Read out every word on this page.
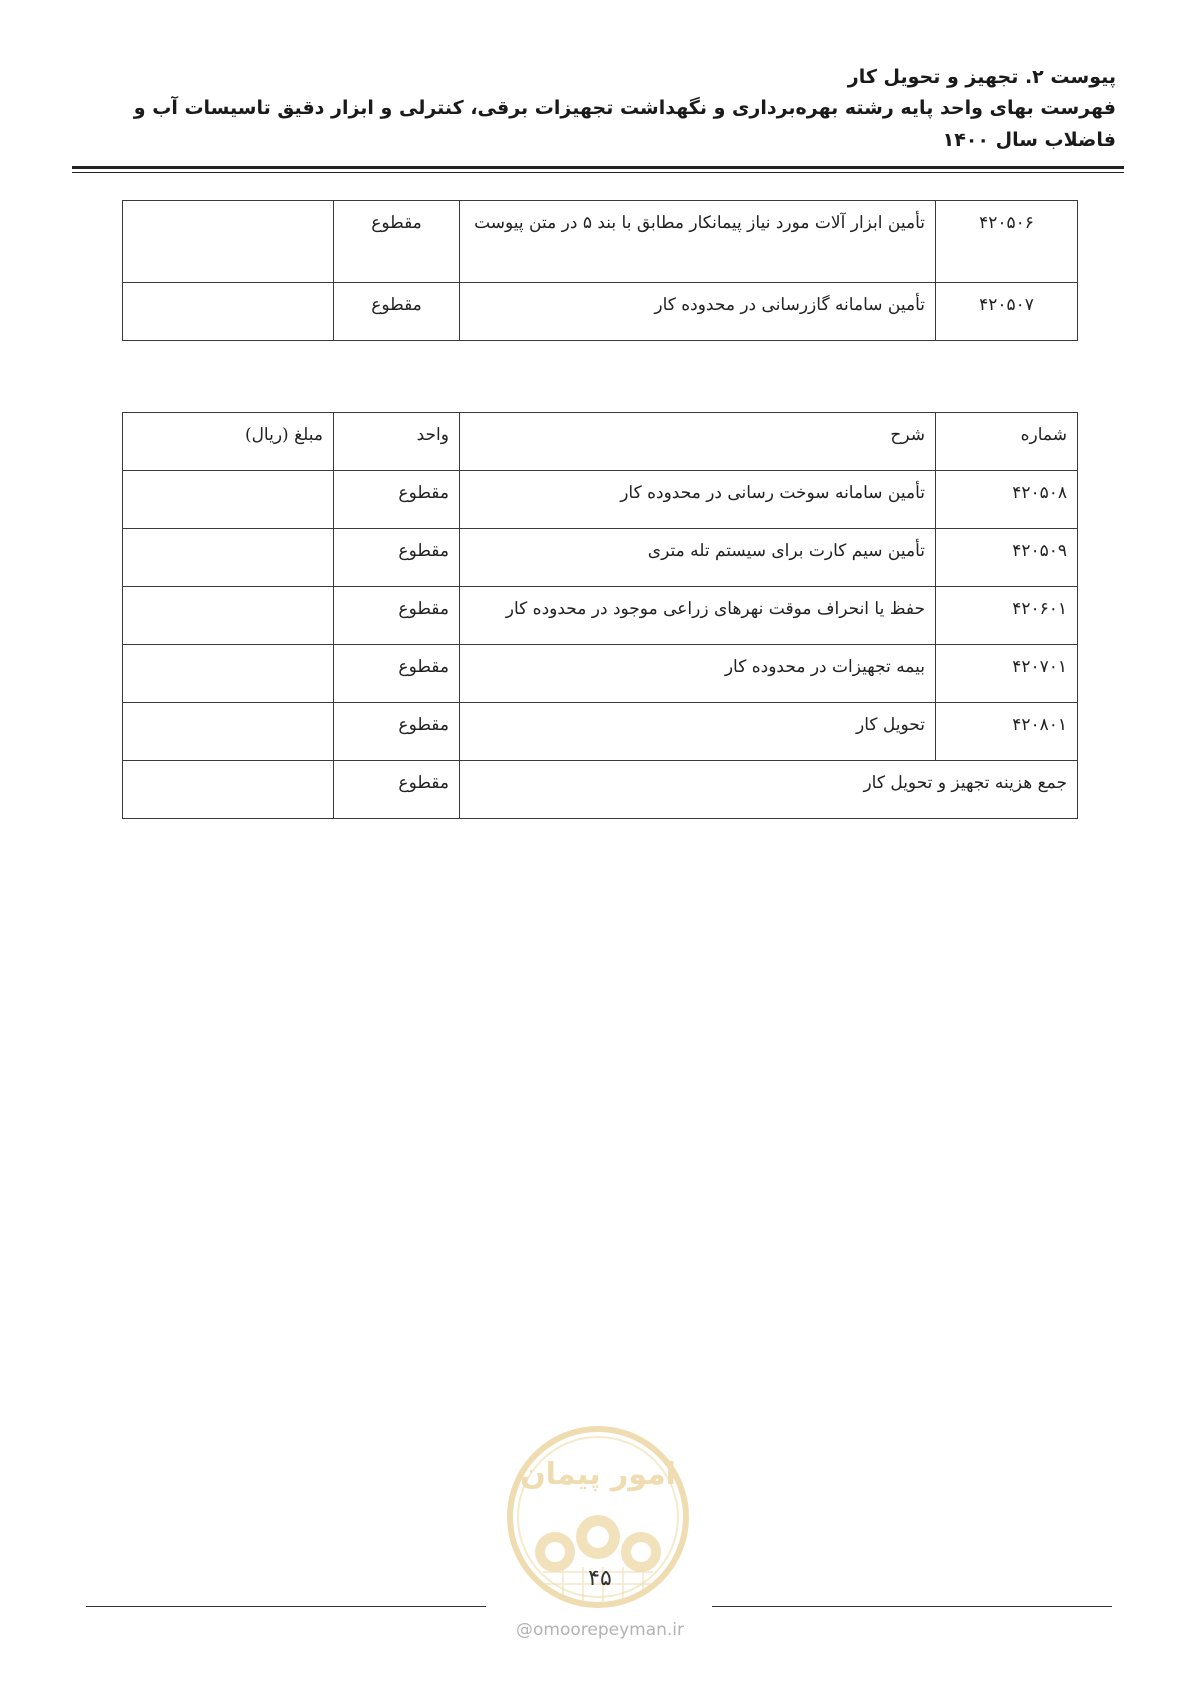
پیوست ۲. تجهیز و تحویل کار
فهرست بهای واحد پایه رشته بهره‌برداری و نگهداشت تجهیزات برقی، کنترلی و ابزار دقیق تاسیسات آب و فاضلاب سال ۱۴۰۰
۴۲۰۵۰۶	تأمین ابزار آلات مورد نیاز پیمانکار مطابق با بند ۵ در متن پیوست	مقطوع	
۴۲۰۵۰۷	تأمین سامانه گازرسانی در محدوده کار	مقطوع	
شماره	شرح	واحد	مبلغ (ریال)
۴۲۰۵۰۸	تأمین سامانه سوخت رسانی در محدوده کار	مقطوع	
۴۲۰۵۰۹	تأمین سیم کارت برای سیستم تله متری	مقطوع	
۴۲۰۶۰۱	حفظ یا انحراف موقت نهرهای زراعی موجود در محدوده کار	مقطوع	
۴۲۰۷۰۱	بیمه تجهیزات در محدوده کار	مقطوع	
۴۲۰۸۰۱	تحویل کار	مقطوع	
جمع هزینه تجهیز و تحویل کار		مقطوع	
امور پیمان
۴۵
@omoorepeyman.ir
